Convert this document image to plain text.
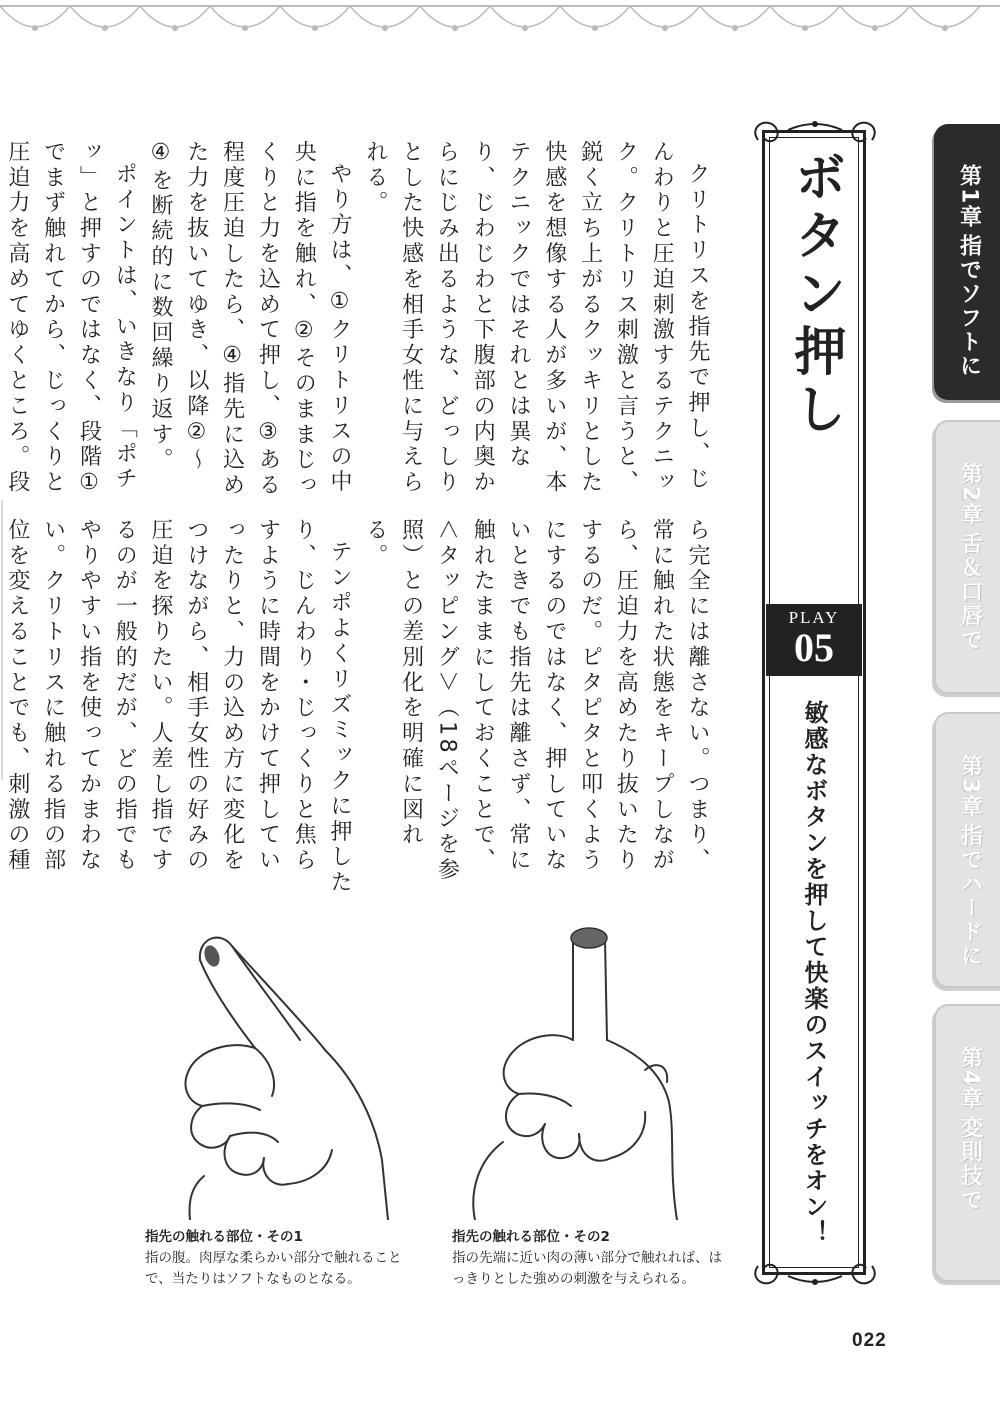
第1章
指でソフトに
第2章
舌＆口唇で
第3章
指でハードに
第4章
変則技で
ボタン押し
PLAY
05
敏感なボタンを押して快楽のスイッチをオン！

クリトリスを指先で押し、じんわりと圧迫刺激するテクニック。クリトリス刺激と言うと、鋭く立ち上がるクッキリとした快感を想像する人が多いが、本テクニックではそれとは異なり、じわじわと下腹部の内奥からにじみ出るような、どっしりとした快感を相手女性に与えられる。

やり方は、①クリトリスの中央に指を触れ、②そのままじっくりと力を込めて押し、③ある程度圧迫したら、④指先に込めた力を抜いてゆき、以降②～④を断続的に数回繰り返す。

ポイントは、いきなり「ポチッ」と押すのではなく、段階①でまず触れてから、じっくりと圧迫力を高めてゆくところ。段

ら完全には離さない。つまり、常に触れた状態をキープしながら、圧迫力を高めたり抜いたりするのだ。ピタピタと叩くようにするのではなく、押していないときでも指先は離さず、常に触れたままにしておくことで、＜タッピング＞（18ページを参照）との差別化を明確に図れる。

テンポよくリズミックに押したり、じんわり・じっくりと焦らすように時間をかけて押していったりと、力の込め方に変化をつけながら、相手女性の好みの圧迫を探りたい。人差し指でするのが一般的だが、どの指でもやりやすい指を使ってかまわない。クリトリスに触れる指の部位を変えることでも、刺激の種

指先の触れる部位・その1
指の腹。肉厚な柔らかい部分で触れることで、当たりはソフトなものとなる。
指先の触れる部位・その2
指の先端に近い肉の薄い部分で触れれば、はっきりとした強めの刺激を与えられる。
022
